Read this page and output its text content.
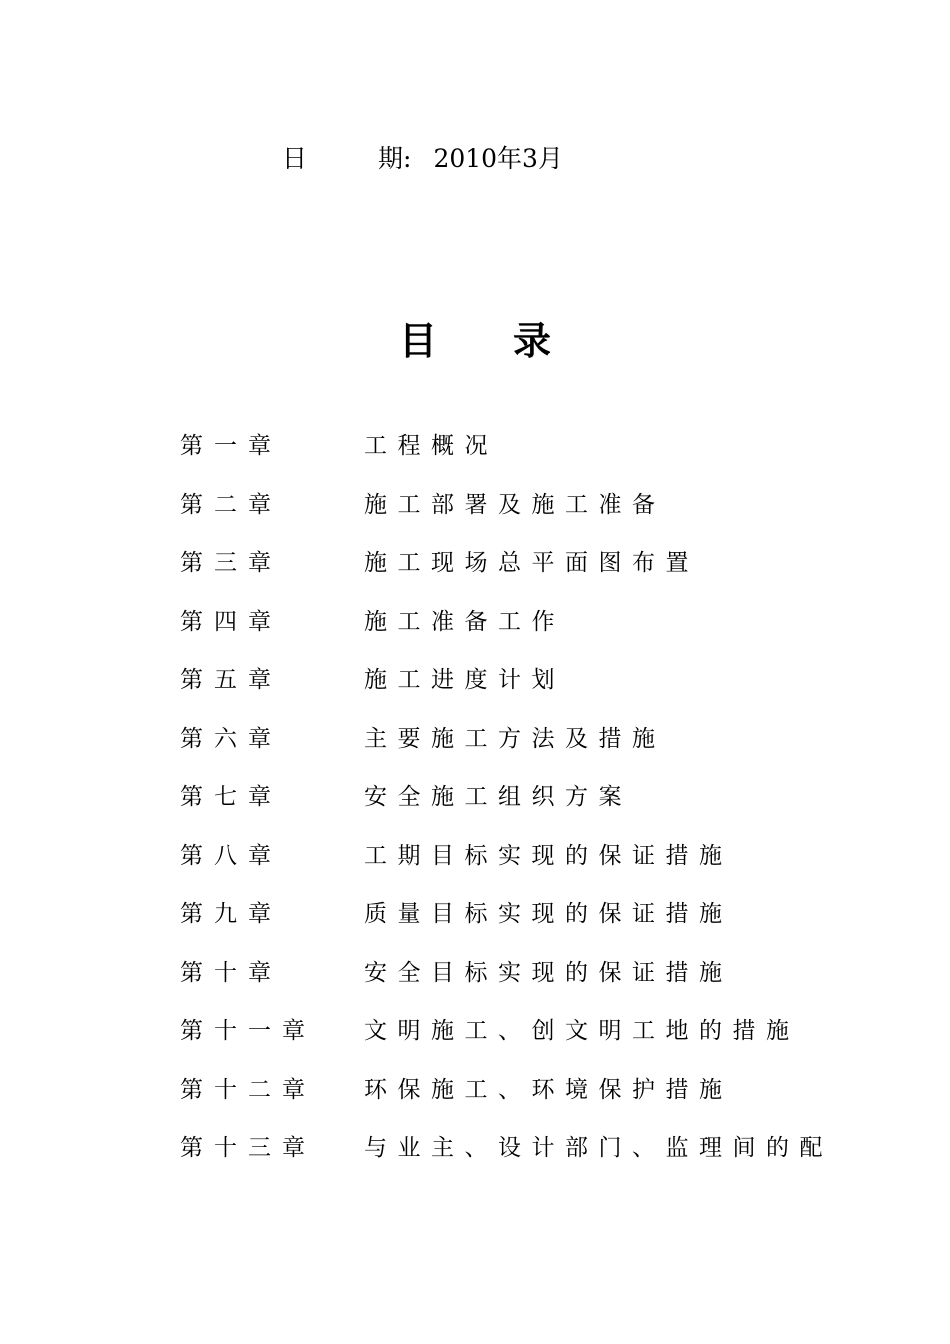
日	期: 2010年3月
目录
第一章	工程概况
第二章	施工部署及施工准备
第三章	施工现场总平面图布置
第四章	施工准备工作
第五章	施工进度计划
第六章	主要施工方法及措施
第七章	安全施工组织方案
第八章	工期目标实现的保证措施
第九章	质量目标实现的保证措施
第十章	安全目标实现的保证措施
第十一章	文明施工、创文明工地的措施
第十二章	环保施工、环境保护措施
第十三章	与业主、设计部门、监理间的配
